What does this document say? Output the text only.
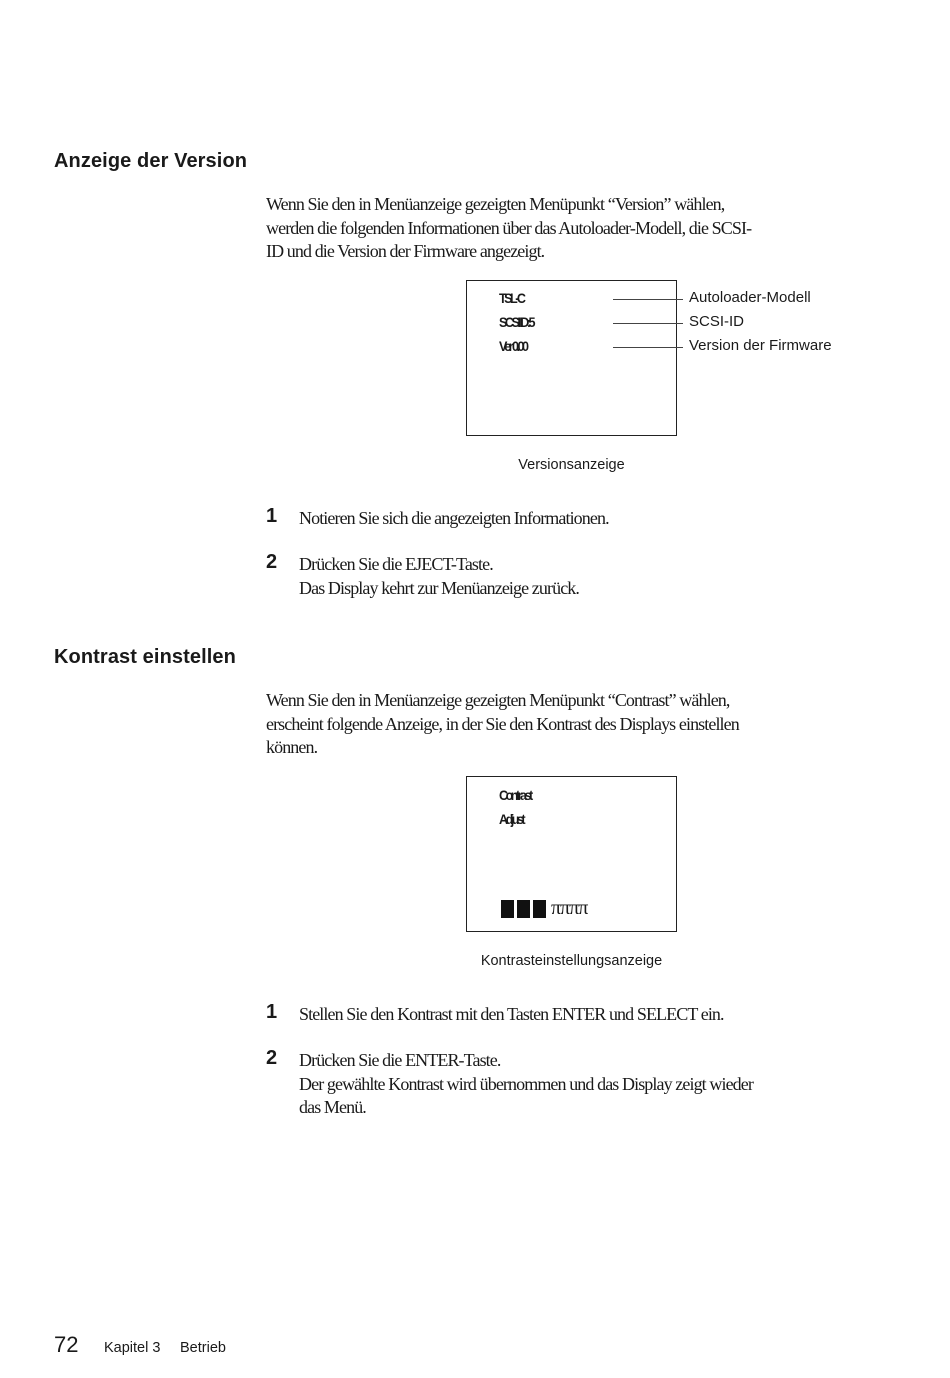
Anzeige der Version

Wenn Sie den in Menüanzeige gezeigten Menüpunkt “Version” wählen,

werden die folgenden Informationen über das Autoloader-Modell, die SCSI-

ID und die Version der Firmware angezeigt.

TSL-C
SCSI ID:5
Ver 0.00
Autoloader-Modell
SCSI-ID
Version der Firmware
Versionsanzeige
1 Notieren Sie sich die angezeigten Informationen.

2 Drücken Sie die EJECT-Taste.

Das Display kehrt zur Menüanzeige zurück.

Kontrast einstellen

Wenn Sie den in Menüanzeige gezeigten Menüpunkt “Contrast” wählen,

erscheint folgende Anzeige, in der Sie den Kontrast des Displays einstellen

können.

Contrast
Adjust
ππππ
Kontrasteinstellungsanzeige
1 Stellen Sie den Kontrast mit den Tasten ENTER und SELECT ein.

2 Drücken Sie die ENTER-Taste.

Der gewählte Kontrast wird übernommen und das Display zeigt wieder

das Menü.

72 Kapitel 3 Betrieb
